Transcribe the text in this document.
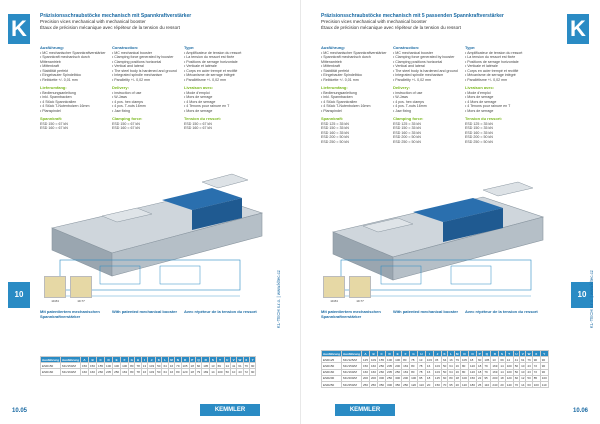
K	Präzisionsschraubstöcke mechanisch mit Spannkraftverstärker
Precision vices mechanical with mechanical booster
Étaux de précision mécanique avec répéteur de la tension du ressort
Ausführung:
• MC mechanischer Spannkraftverstärker
• Spannkraft mechanisch durch Mittenantrieb
• Mittenkraft
• Stabilität perfekt
• Eingebauter Spindelbloc
• Reibkette +/- 0,01 mm
Lieferumfang:
• Bedienungsanleitung
• inkl. Spannbacken
• 4 Stück Spannkrallen
• 4 Stück T-Nutenbolzen 16mm
• Planspindel
Spannkraft:
ESD 150 = 67 kN
ESD 160 = 67 kN
Construction:
• MC mechanical booster
• Clamping force generated by booster
• Clamping positions horizontal
• Vertical and lateral
• The steel body is hardened and ground
• Integrated spindle mechanism
• Parallelity +/- 0,02 mm
Delivery:
• instruction of use
• W-Jaws
• 4 pcs. hex clamps
• 4 pcs. T-nuts 16mm
• Jaw fixing
Clamping force:
ESD 150 = 67 kN
ESD 160 = 67 kN
Type:
• Amplificateur de tension du ressort
• La tension du ressort est fixée
• Positions de serrage horizontale
• Verticale et latérale
• Corps en acier trempé et rectifié
• Mécanisme de serrage intégré
• Parallélisme +/- 0,02 mm
Livraison avec:
• Mode d'emploi
• Mors de serrage
• 4 Mors de serrage
• 4 Tenons pour rainure en T
• Mors de serrage
Tension du ressort:
ESD 150 = 67 kN
ESD 160 = 67 kN
10
10.84	10.77
Mit patentiertem mechanischen Spannkraftverstärker
With patented mechanical booster	Avec répéteur de la tension du ressort
Ausführung	Ausführung	A	B	C	D	E	F	G	H	I	J	K	L	M	N	O	P	Q	R	S	T	U	V	W	X	Y
ESD150	MC/150/M	150	150	155	100	100	100	80	78	13	103	50	64	16	79	105	18	60	105	13	69	14	41	61	76	90
ESD160	MC/160/M	160	160	260	205	250	163	80	78	16	103	50	64	16	80	120	18	79	169	14	100	50	10	43	72	90
KL-TECH s.r.o. | www.kltec.cz
10.05	KEMMLER
K
Präzisionsschraubstöcke mechanisch mit 5 passenden Spannkraftverstärker
Precision vices mechanical with mechanical booster
Étaux de précision mécanique avec répéteur de la tension du ressort
Ausführung:
• MC mechanischer Spannkraftverstärker
• Spannkraft mechanisch durch Mittenantrieb
• Mittenkraft
• Stabilität perfekt
• Eingebauter Spindelbloc
• Reibkette +/- 0,01 mm
Lieferumfang:
• Bedienungsanleitung
• inkl. Spannbacken
• 4 Stück Spannkrallen
• 4 Stück T-Nutenbolzen 16mm
• Planspindel
Spannkraft:
ESD 125 = 35 kN
ESD 150 = 35 kN
ESD 160 = 35 kN
ESD 200 = 50 kN
ESD 250 = 50 kN
Construction:
• MC mechanical booster
• Clamping force generated by booster
• Clamping positions horizontal
• Vertical and lateral
• The steel body is hardened and ground
• Integrated spindle mechanism
• Parallelity +/- 0,02 mm
Delivery:
• instruction of use
• W-Jaws
• 4 pcs. hex clamps
• 4 pcs. T-nuts 16mm
• Jaw fixing
Clamping force:
ESD 125 = 35 kN
ESD 150 = 35 kN
ESD 160 = 35 kN
ESD 200 = 50 kN
ESD 250 = 50 kN
Type:
• Amplificateur de tension du ressort
• La tension du ressort est fixée
• Positions de serrage horizontale
• Verticale et latérale
• Corps en acier trempé et rectifié
• Mécanisme de serrage intégré
• Parallélisme +/- 0,02 mm
Livraison avec:
• Mode d'emploi
• Mors de serrage
• 4 Mors de serrage
• 4 Tenons pour rainure en T
• Mors de serrage
Tension du ressort:
ESD 125 = 35 kN
ESD 150 = 35 kN
ESD 160 = 35 kN
ESD 200 = 50 kN
ESD 250 = 50 kN
10
10.84	10.77
Mit patentiertem mechanischen Spannkraftverstärker
With patented mechanical booster	Avec répéteur de la tension du ressort
Ausführung	Ausführung	A	B	C	D	E	F	G	H	I	J	K	L	M	N	O	P	Q	R	S	T	U	V	W	X	Y
ESD125	MC/125/M	125	109	155	100	100	80	78	13	103	45	64	16	79	105	18	60	105	13	69	14	41	61	76	90	90
ESD150	MC/150/M	150	160	250	205	200	163	80	78	16	103	50	64	16	80	120	18	79	169	14	100	50	10	43	72	90
ESD160	MC/160/M	160	160	260	205	250	163	80	78	16	103	50	64	16	80	120	18	79	169	14	100	50	10	43	72	90
ESD200	MC/200/M	200	200	300	250	300	200	100	95	18	125	60	80	18	100	150	22	95	200	18	120	60	12	50	85	100
ESD250	MC/250/M	250	250	350	300	350	250	120	110	20	150	70	95	20	120	180	25	110	240	20	140	70	14	60	100	110
KL-TECH s.r.o. | www.kltec.cz
10.06
KEMMLER
